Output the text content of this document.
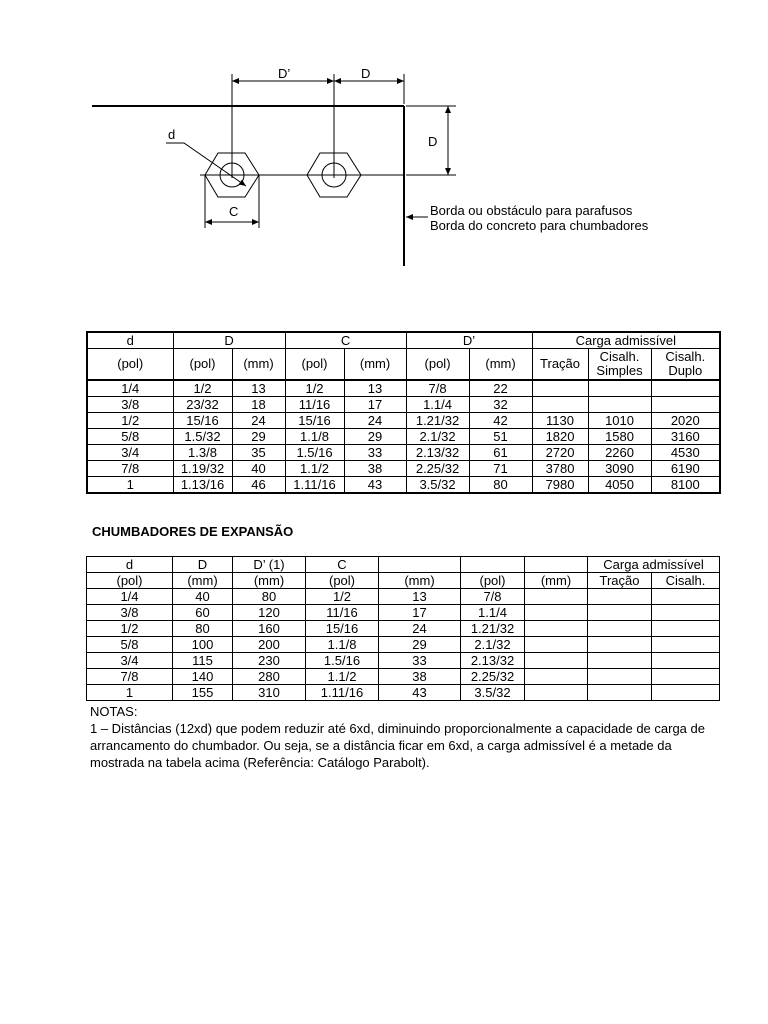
D’	D
D
d
C	Borda ou obstáculo para parafusos
Borda do concreto para chumbadores
d	D		C		D’		Carga admissível		
(pol)	(pol)	(mm)	(pol)	(mm)	(pol)	(mm)	Tração	Cisalh. Simples	Cisalh. Duplo
1/4	1/2	13	1/2	13	7/8	22			
3/8	23/32	18	11/16	17	1.1/4	32			
1/2	15/16	24	15/16	24	1.21/32	42	1130	1010	2020
5/8	1.5/32	29	1.1/8	29	2.1/32	51	1820	1580	3160
3/4	1.3/8	35	1.5/16	33	2.13/32	61	2720	2260	4530
7/8	1.19/32	40	1.1/2	38	2.25/32	71	3780	3090	6190
1	1.13/16	46	1.11/16	43	3.5/32	80	7980	4050	8100
CHUMBADORES DE EXPANSÃO
d	D	D’ (1)	C				Carga admissível	
(pol)	(mm)	(mm)	(pol)	(mm)	(pol)	(mm)	Tração	Cisalh.
1/4	40	80	1/2	13	7/8			
3/8	60	120	11/16	17	1.1/4			
1/2	80	160	15/16	24	1.21/32			
5/8	100	200	1.1/8	29	2.1/32			
3/4	115	230	1.5/16	33	2.13/32			
7/8	140	280	1.1/2	38	2.25/32			
1	155	310	1.11/16	43	3.5/32			

NOTAS:

1 – Distâncias (12xd) que podem reduzir até 6xd, diminuindo proporcionalmente a capacidade de carga de arrancamento do chumbador. Ou seja, se a distância ficar em 6xd, a carga admissível é a metade da mostrada na tabela acima (Referência: Catálogo Parabolt).
